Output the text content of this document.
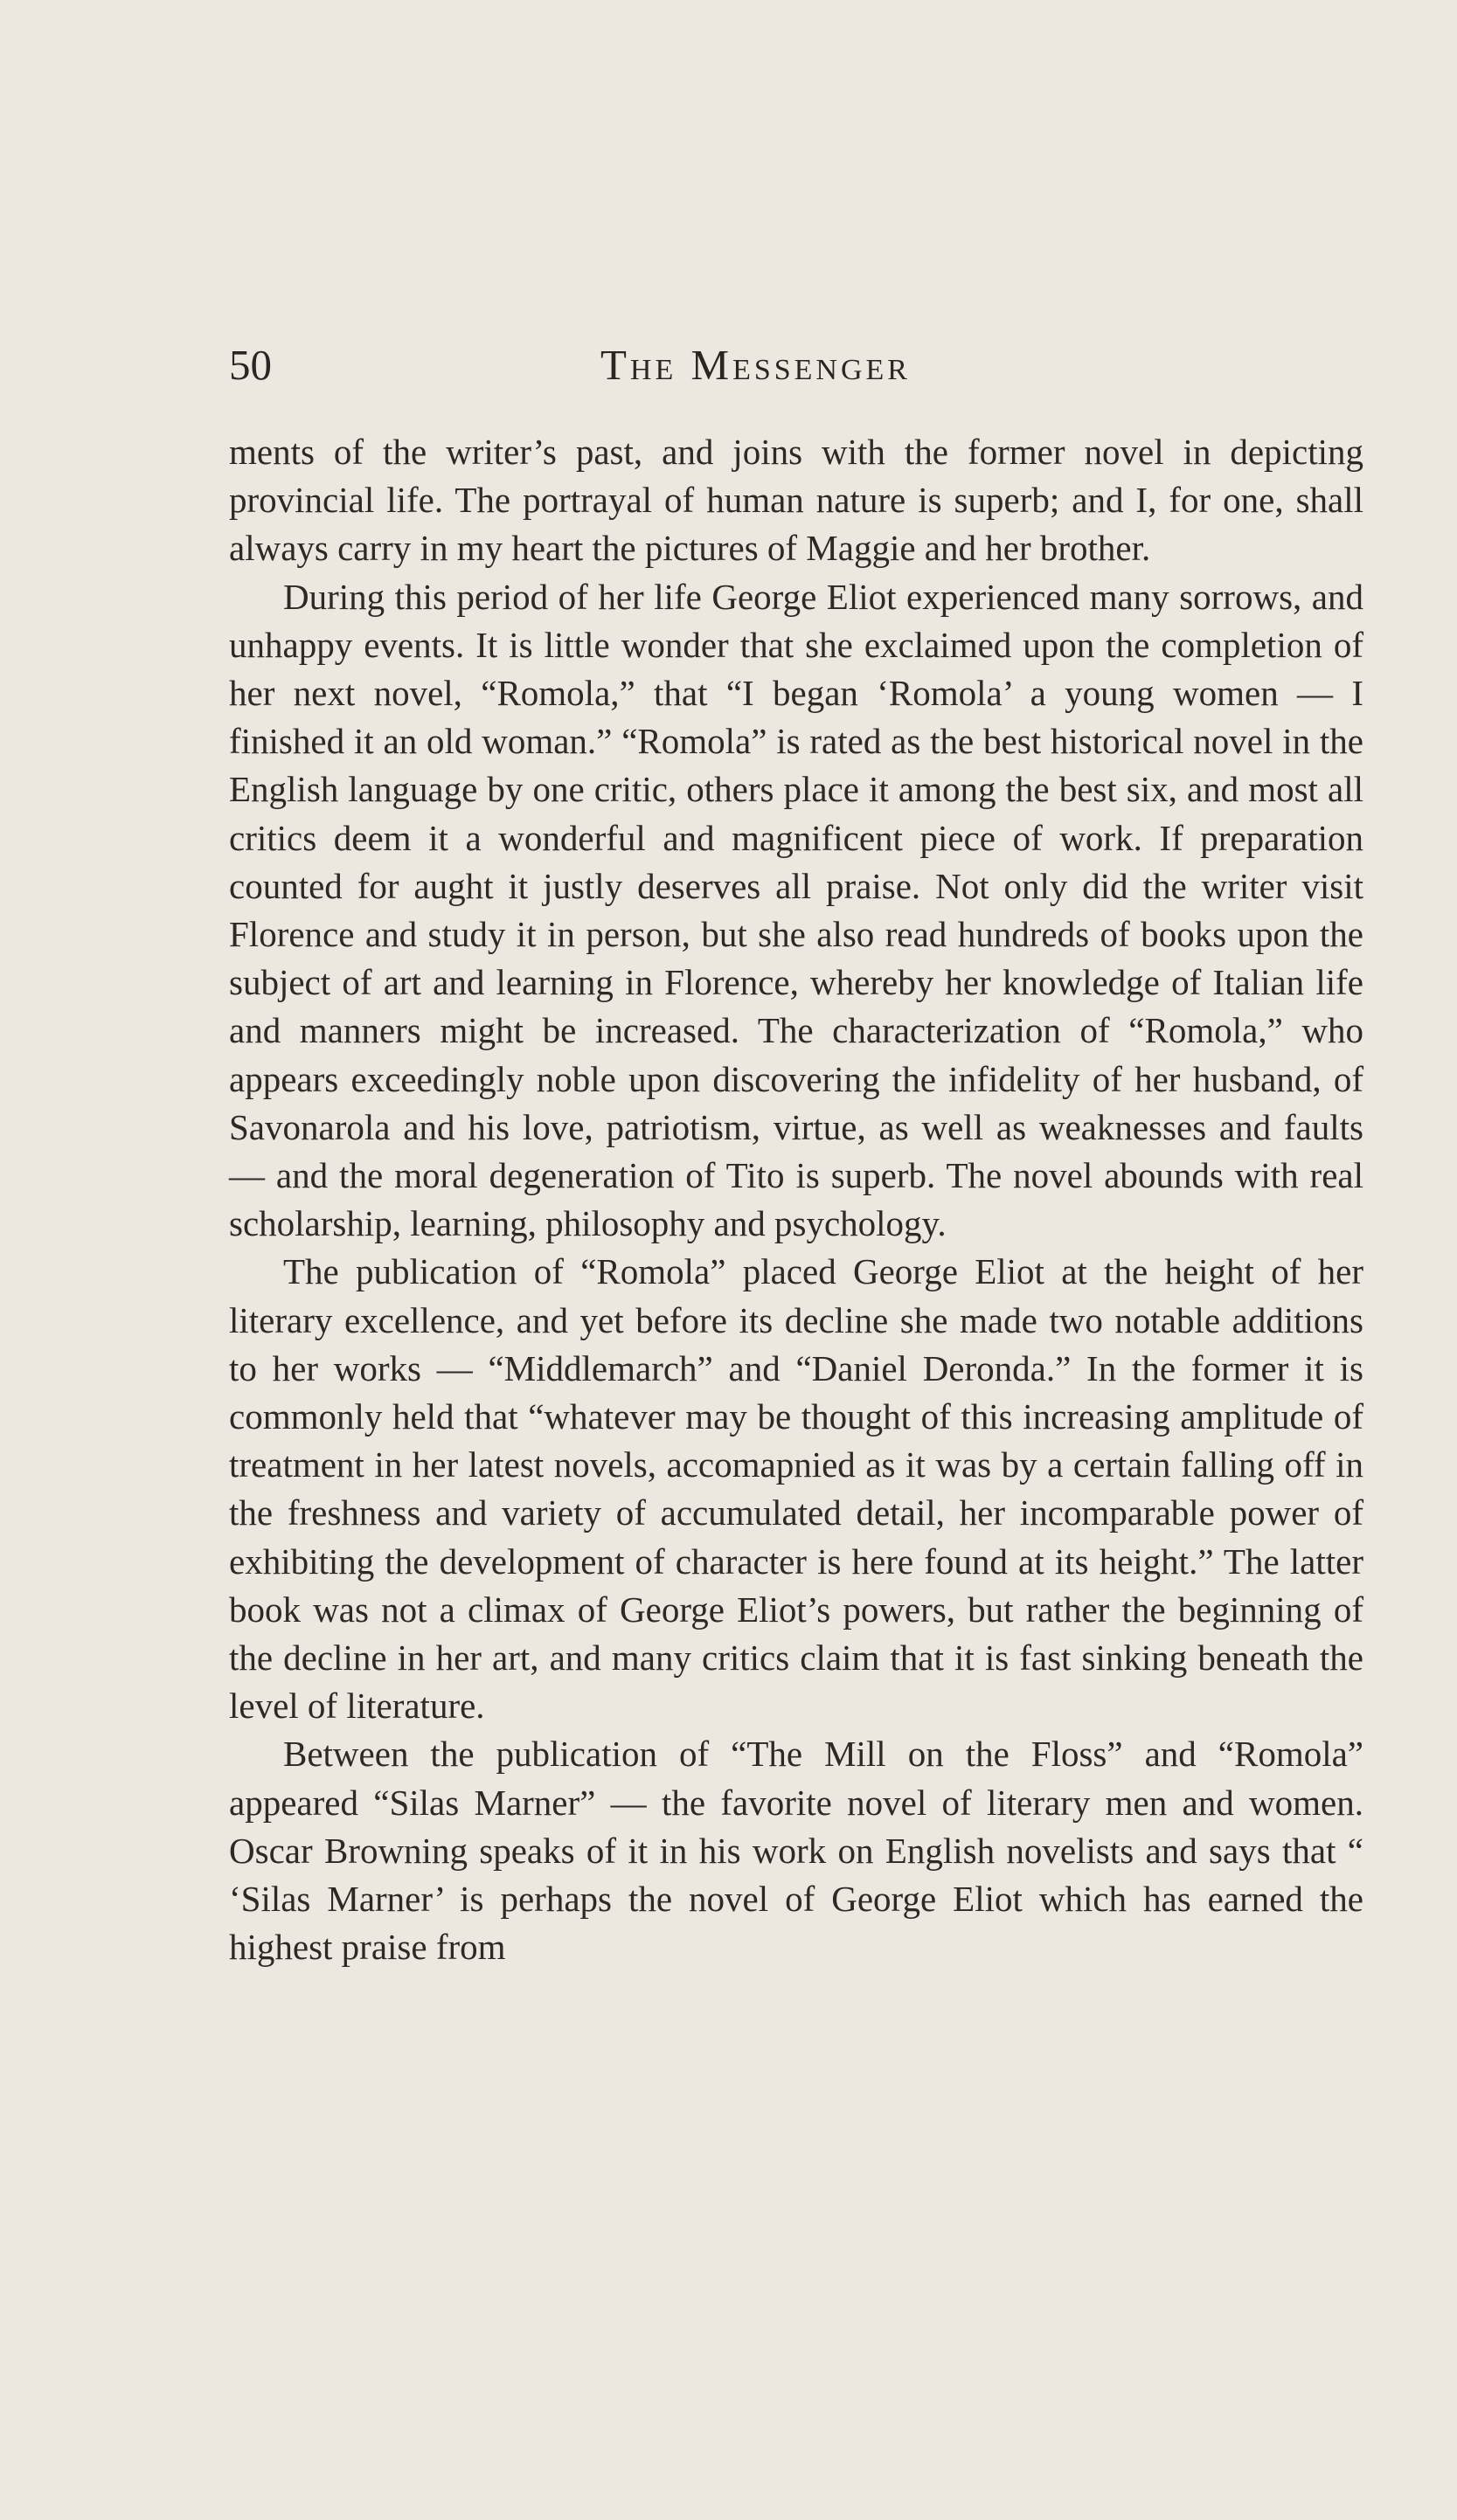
50	The Messenger

ments of the writer’s past, and joins with the former novel in depicting provincial life. The portrayal of human nature is superb; and I, for one, shall always carry in my heart the pictures of Maggie and her brother.

During this period of her life George Eliot experienced many sorrows, and unhappy events. It is little wonder that she exclaimed upon the completion of her next novel, “Romola,” that “I began ‘Romola’ a young women — I finished it an old woman.” “Romola” is rated as the best historical novel in the English language by one critic, others place it among the best six, and most all critics deem it a wonderful and magnificent piece of work. If preparation counted for aught it justly deserves all praise. Not only did the writer visit Florence and study it in person, but she also read hundreds of books upon the subject of art and learning in Florence, whereby her knowledge of Italian life and manners might be increased. The characterization of “Romola,” who appears exceedingly noble upon discovering the infidelity of her husband, of Savonarola and his love, patriotism, virtue, as well as weaknesses and faults — and the moral degeneration of Tito is superb. The novel abounds with real scholarship, learning, philosophy and psychology.

The publication of “Romola” placed George Eliot at the height of her literary excellence, and yet before its decline she made two notable additions to her works — “Middlemarch” and “Daniel Deronda.” In the former it is commonly held that “whatever may be thought of this increasing amplitude of treatment in her latest novels, accomapnied as it was by a certain falling off in the freshness and variety of accumulated detail, her incomparable power of exhibiting the development of character is here found at its height.” The latter book was not a climax of George Eliot’s powers, but rather the beginning of the decline in her art, and many critics claim that it is fast sinking beneath the level of literature.

Between the publication of “The Mill on the Floss” and “Romola” appeared “Silas Marner” — the favorite novel of literary men and women. Oscar Browning speaks of it in his work on English novelists and says that “ ‘Silas Marner’ is perhaps the novel of George Eliot which has earned the highest praise from
